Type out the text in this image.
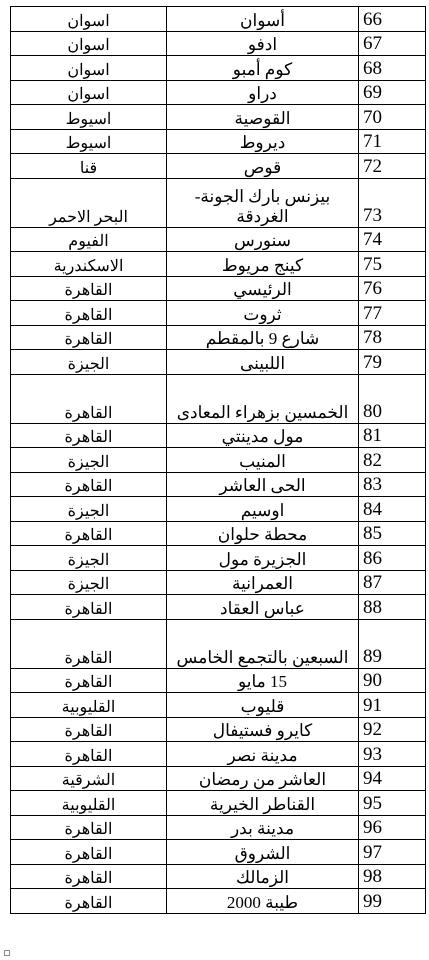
اسوان	أسوان	66
اسوان	ادفو	67
اسوان	كوم أمبو	68
اسوان	دراو	69
اسيوط	القوصية	70
اسيوط	ديروط	71
قنا	قوص	72
البحر الاحمر	بيزنس بارك الجونة- الغردقة	73
الفيوم	سنورس	74
الاسكندرية	كينج مريوط	75
القاهرة	الرئيسي	76
القاهرة	ثروت	77
القاهرة	شارع 9 بالمقطم	78
الجيزة	اللبينى	79
القاهرة	الخمسين بزهراء المعادى	80
القاهرة	مول مدينتي	81
الجيزة	المنيب	82
القاهرة	الحى العاشر	83
الجيزة	اوسيم	84
القاهرة	محطة حلوان	85
الجيزة	الجزيرة مول	86
الجيزة	العمرانية	87
القاهرة	عباس العقاد	88
القاهرة	السبعين بالتجمع الخامس	89
القاهرة	15 مايو	90
القليوبية	قليوب	91
القاهرة	كايرو فستيفال	92
القاهرة	مدينة نصر	93
الشرقية	العاشر من رمضان	94
القليوبية	القناطر الخيرية	95
القاهرة	مدينة بدر	96
القاهرة	الشروق	97
القاهرة	الزمالك	98
القاهرة	طيبة 2000	99
